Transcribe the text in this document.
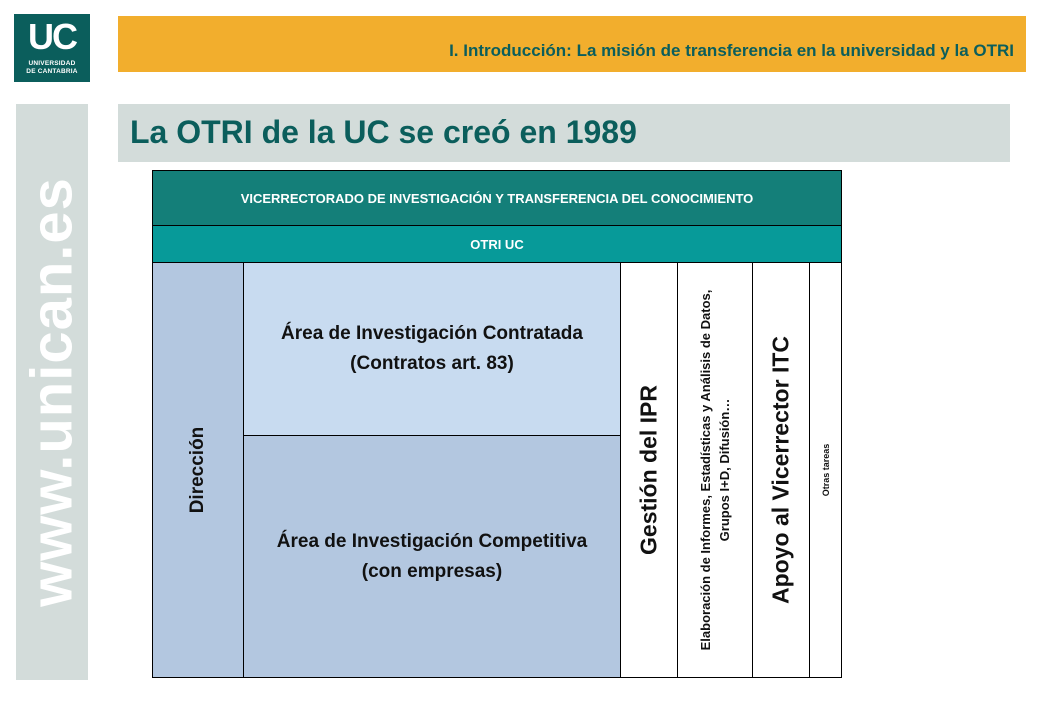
UC
UNIVERSIDAD
DE CANTABRIA
I. Introducción: La misión de transferencia en la universidad y la OTRI
www.unican.es
La OTRI de la UC se creó en 1989
VICERRECTORADO DE INVESTIGACIÓN Y TRANSFERENCIA DEL CONOCIMIENTO
OTRI UC
Dirección
Área de Investigación Contratada (Contratos art. 83)
Área de Investigación Competitiva (con empresas)
Gestión del IPR	Elaboración de Informes, Estadísticas y Análisis de Datos, Grupos I+D, Difusión… Apoyo al Vicerrector ITC	Otras tareas
